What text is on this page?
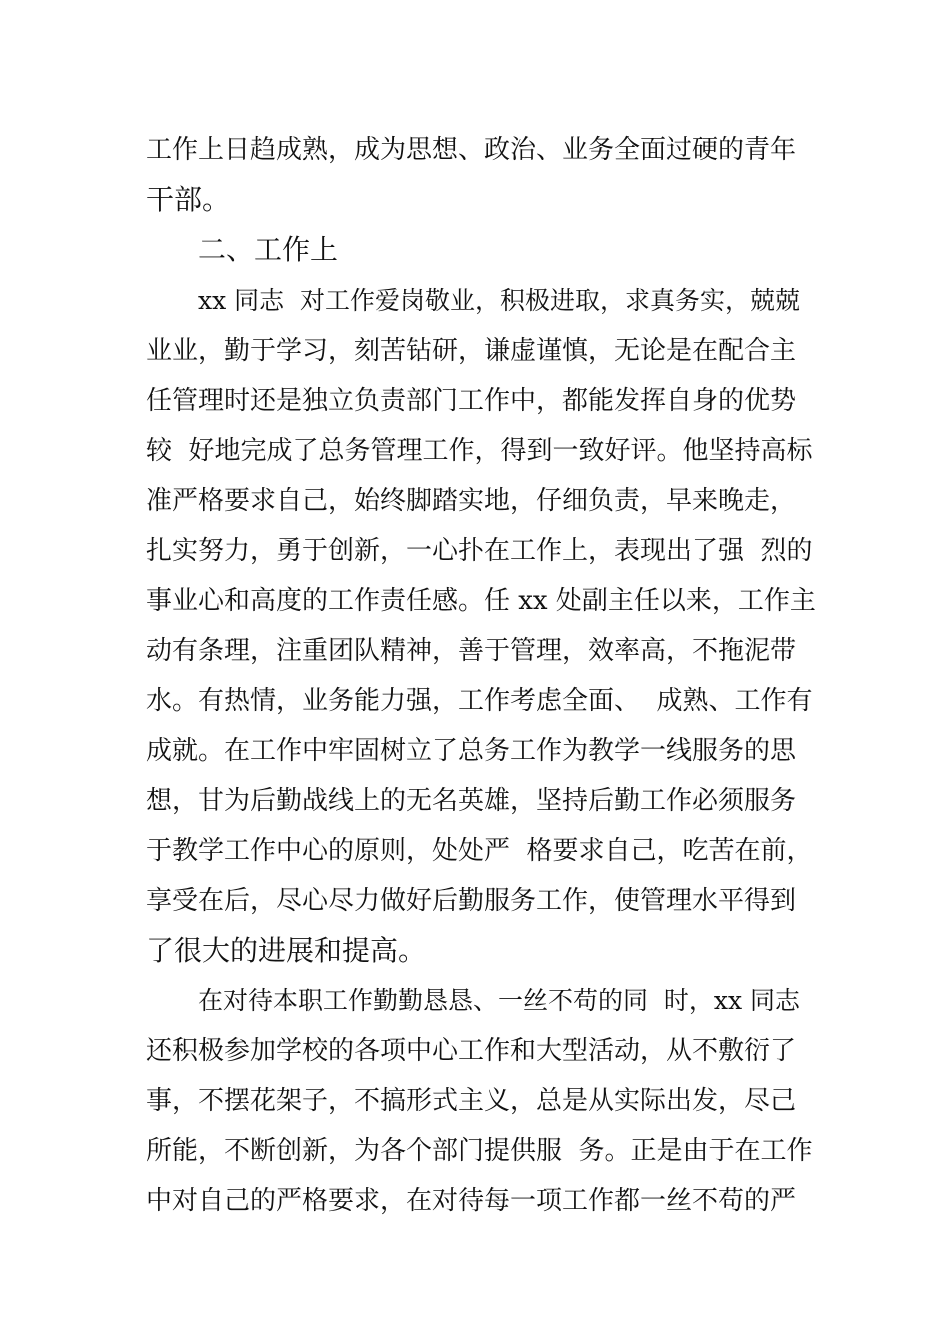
工作上日趋成熟，成为思想、政治、业务全面过硬的青年
干部。
二、工作上
xx 同志  对工作爱岗敬业，积极进取，求真务实，兢兢
业业，勤于学习，刻苦钻研，谦虚谨慎，无论是在配合主
任管理时还是独立负责部门工作中，都能发挥自身的优势
较  好地完成了总务管理工作，得到一致好评。他坚持高标
准严格要求自己，始终脚踏实地，仔细负责，早来晚走，
扎实努力，勇于创新，一心扑在工作上，表现出了强  烈的
事业心和高度的工作责任感。任 xx 处副主任以来，工作主
动有条理，注重团队精神，善于管理，效率高，不拖泥带
水。有热情，业务能力强，工作考虑全面、  成熟、工作有
成就。在工作中牢固树立了总务工作为教学一线服务的思
想，甘为后勤战线上的无名英雄，坚持后勤工作必须服务
于教学工作中心的原则，处处严  格要求自己，吃苦在前，
享受在后，尽心尽力做好后勤服务工作，使管理水平得到
了很大的进展和提高。
在对待本职工作勤勤恳恳、一丝不苟的同  时，xx 同志
还积极参加学校的各项中心工作和大型活动，从不敷衍了
事，不摆花架子，不搞形式主义，总是从实际出发，尽己
所能，不断创新，为各个部门提供服  务。正是由于在工作
中对自己的严格要求，在对待每一项工作都一丝不苟的严
